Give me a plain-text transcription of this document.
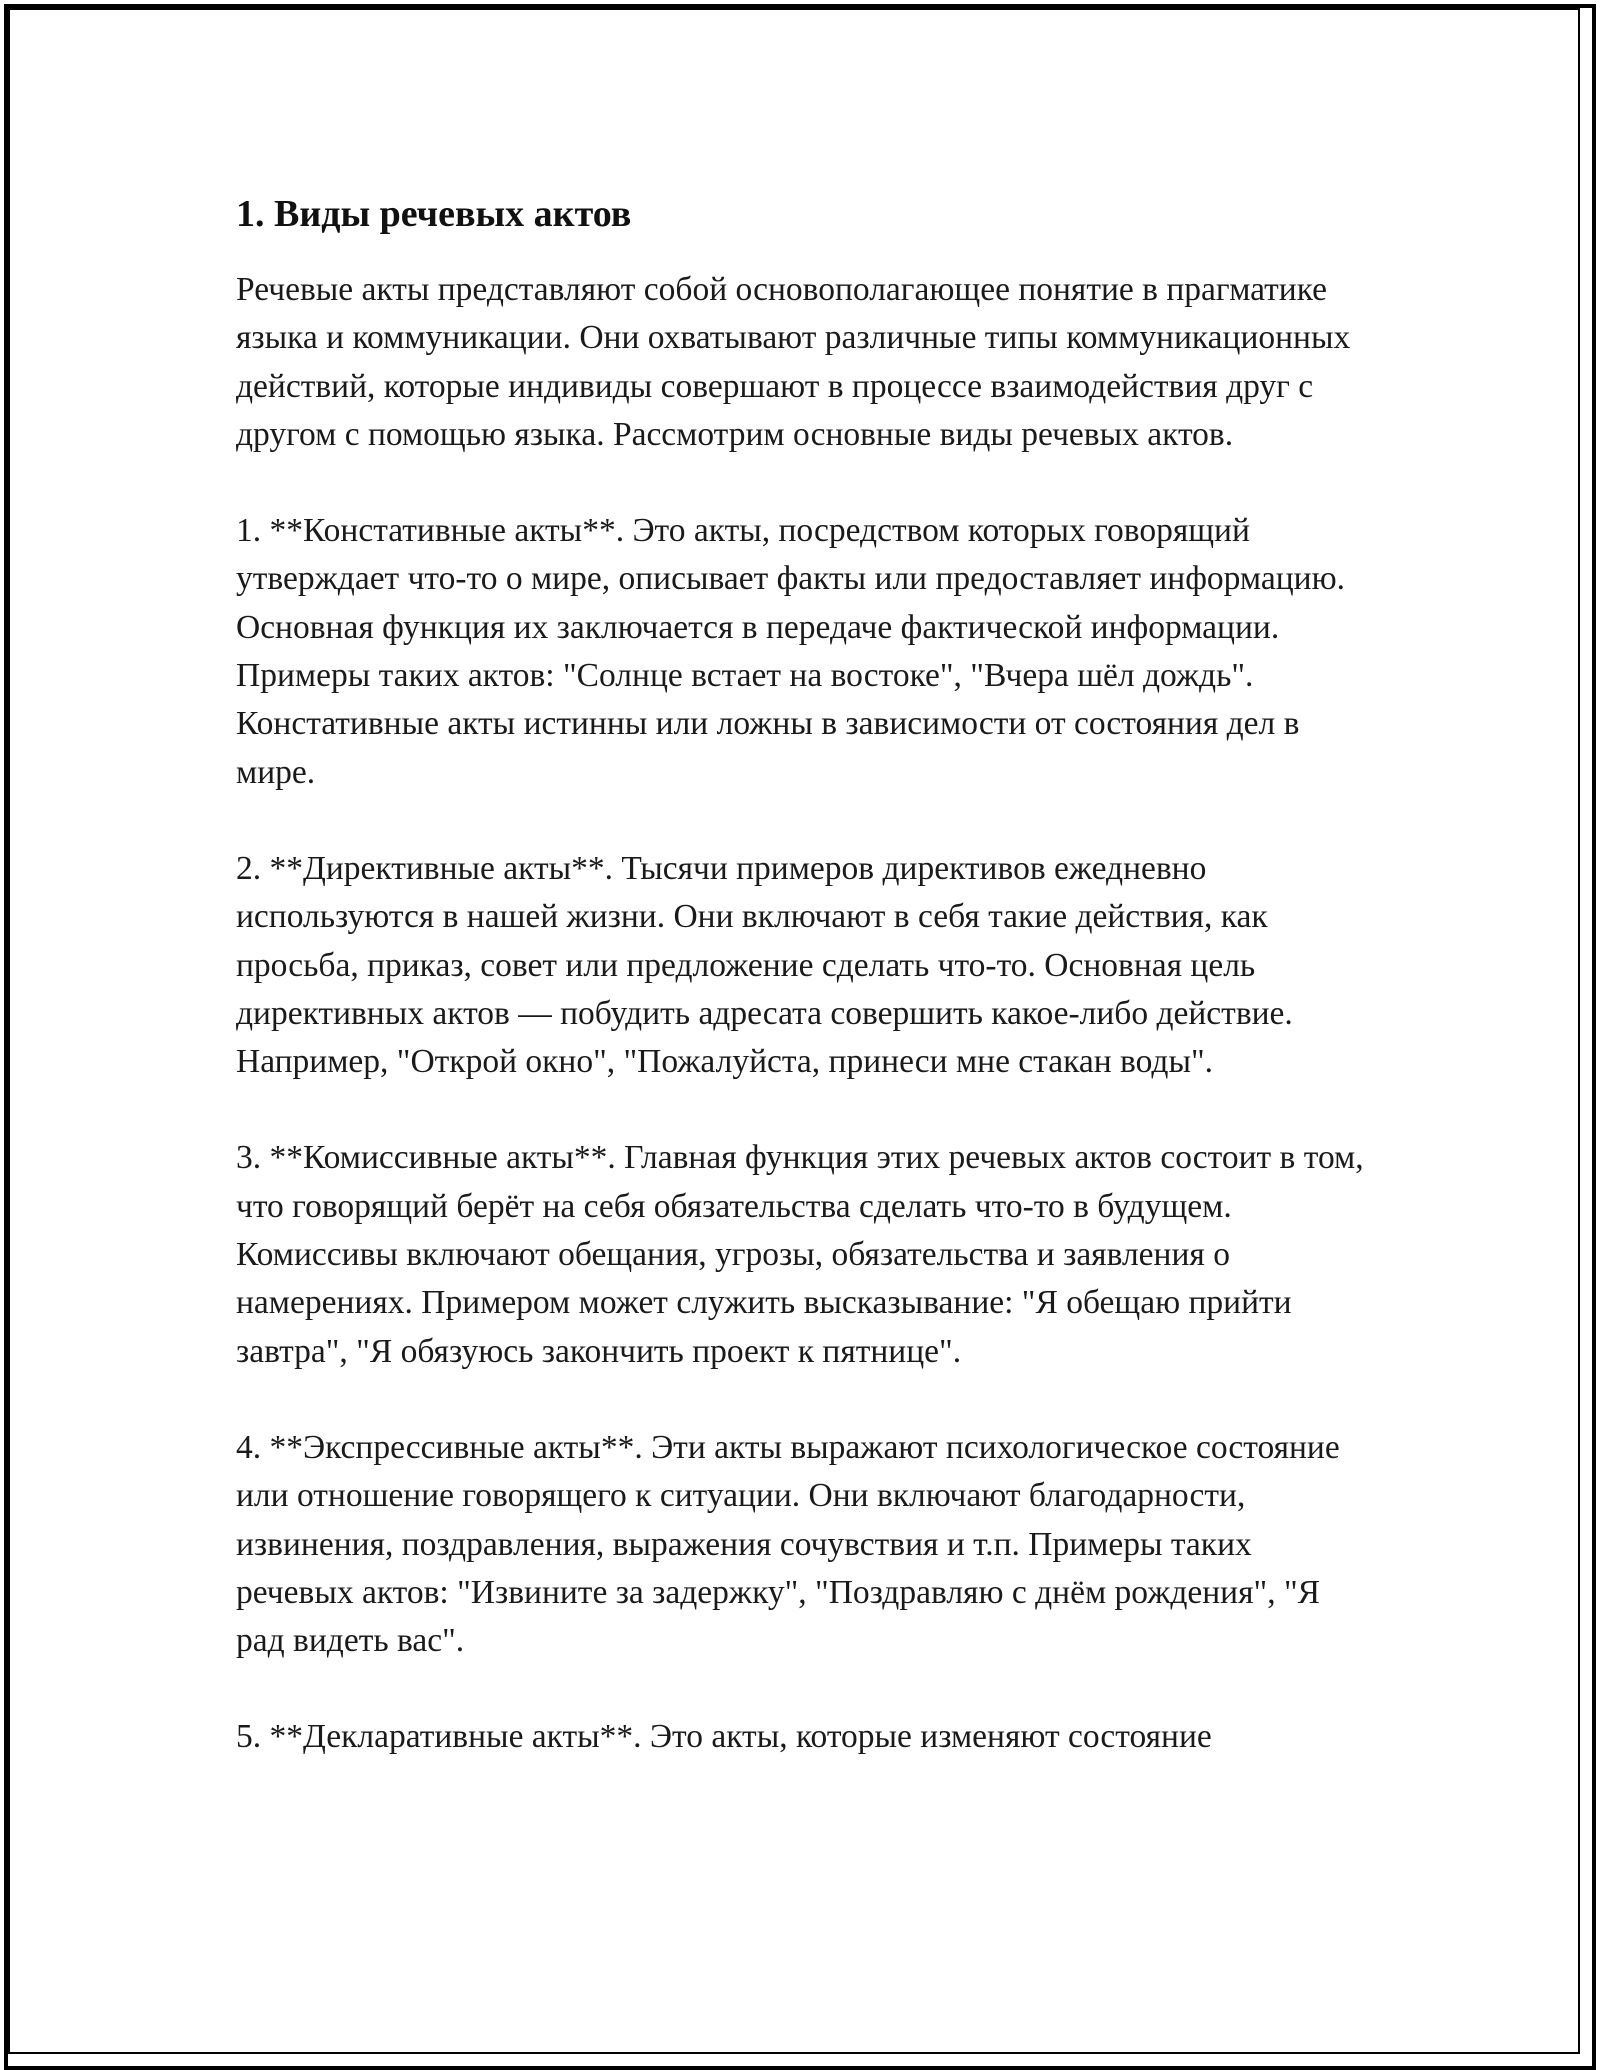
1. Виды речевых актов

Речевые акты представляют собой основополагающее понятие в прагматике языка и коммуникации. Они охватывают различные типы коммуникационных действий, которые индивиды совершают в процессе взаимодействия друг с другом с помощью языка. Рассмотрим основные виды речевых актов.

1. **Констативные акты**. Это акты, посредством которых говорящий утверждает что-то о мире, описывает факты или предоставляет информацию. Основная функция их заключается в передаче фактической информации. Примеры таких актов: "Солнце встает на востоке", "Вчера шёл дождь". Констативные акты истинны или ложны в зависимости от состояния дел в мире.

2. **Директивные акты**. Тысячи примеров директивов ежедневно используются в нашей жизни. Они включают в себя такие действия, как просьба, приказ, совет или предложение сделать что-то. Основная цель директивных актов — побудить адресата совершить какое-либо действие. Например, "Открой окно", "Пожалуйста, принеси мне стакан воды".

3. **Комиссивные акты**. Главная функция этих речевых актов состоит в том, что говорящий берёт на себя обязательства сделать что-то в будущем. Комиссивы включают обещания, угрозы, обязательства и заявления о намерениях. Примером может служить высказывание: "Я обещаю прийти завтра", "Я обязуюсь закончить проект к пятнице".

4. **Экспрессивные акты**. Эти акты выражают психологическое состояние или отношение говорящего к ситуации. Они включают благодарности, извинения, поздравления, выражения сочувствия и т.п. Примеры таких речевых актов: "Извините за задержку", "Поздравляю с днём рождения", "Я рад видеть вас".

5. **Декларативные акты**. Это акты, которые изменяют состояние
